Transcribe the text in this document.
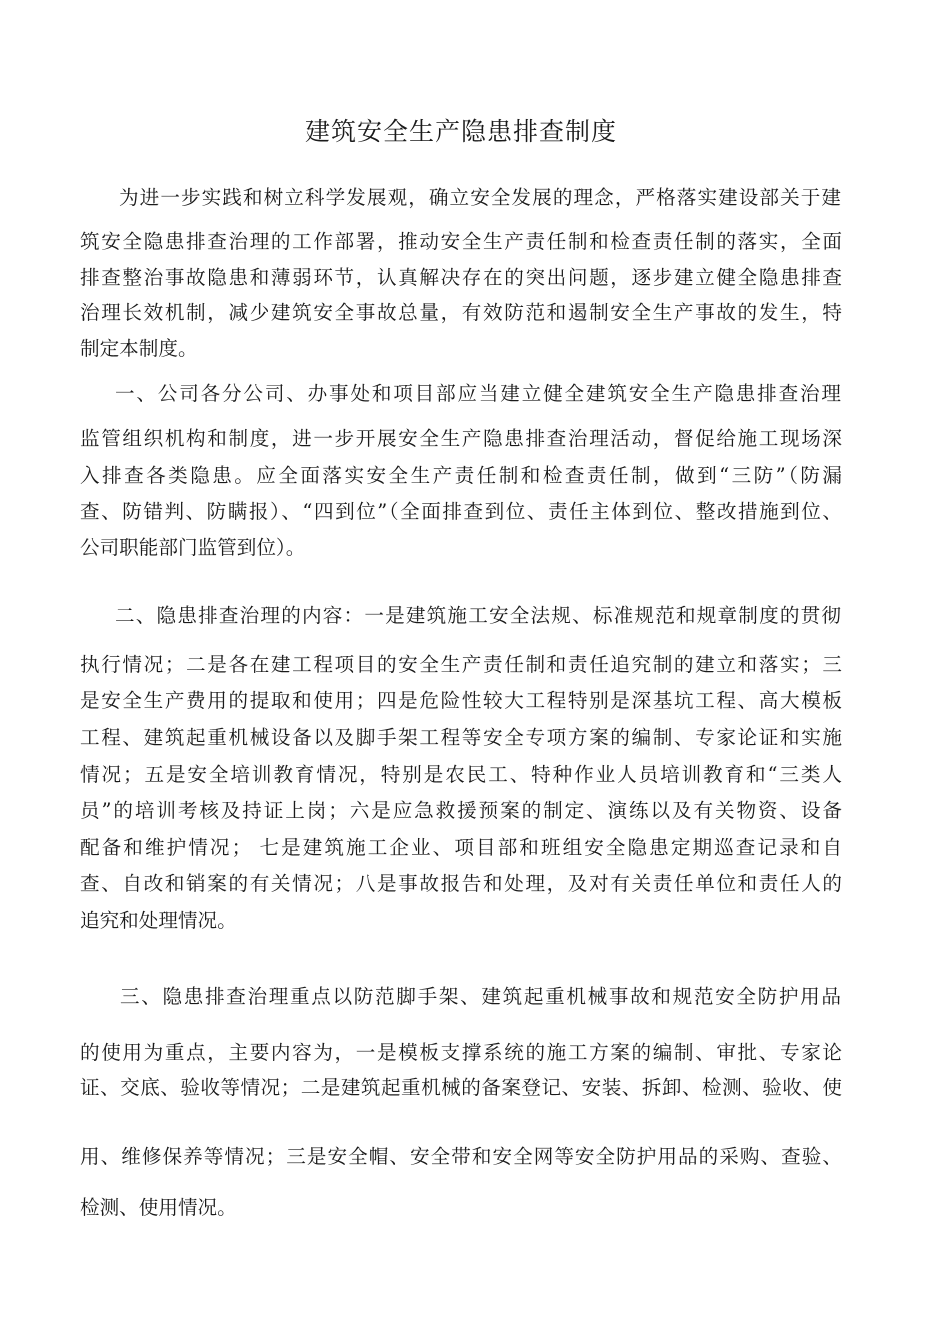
建筑安全生产隐患排查制度
为进一步实践和树立科学发展观，确立安全发展的理念，严格落实建设部关于建
筑安全隐患排查治理的工作部署，推动安全生产责任制和检查责任制的落实，全面
排查整治事故隐患和薄弱环节，认真解决存在的突出问题，逐步建立健全隐患排查
治理长效机制，减少建筑安全事故总量，有效防范和遏制安全生产事故的发生，特
制定本制度。
一、公司各分公司、办事处和项目部应当建立健全建筑安全生产隐患排查治理
监管组织机构和制度，进一步开展安全生产隐患排查治理活动，督促给施工现场深
入排查各类隐患。应全面落实安全生产责任制和检查责任制，做到“三防”（防漏
查、防错判、防瞒报）、“四到位”（全面排查到位、责任主体到位、整改措施到位、
公司职能部门监管到位）。
二、隐患排查治理的内容：一是建筑施工安全法规、标准规范和规章制度的贯彻
执行情况；二是各在建工程项目的安全生产责任制和责任追究制的建立和落实；三
是安全生产费用的提取和使用；四是危险性较大工程特别是深基坑工程、高大模板
工程、建筑起重机械设备以及脚手架工程等安全专项方案的编制、专家论证和实施
情况；五是安全培训教育情况，特别是农民工、特种作业人员培训教育和“三类人
员”的培训考核及持证上岗；六是应急救援预案的制定、演练以及有关物资、设备
配备和维护情况； 七是建筑施工企业、项目部和班组安全隐患定期巡查记录和自
查、自改和销案的有关情况；八是事故报告和处理，及对有关责任单位和责任人的
追究和处理情况。
三、隐患排查治理重点以防范脚手架、建筑起重机械事故和规范安全防护用品
的使用为重点，主要内容为，一是模板支撑系统的施工方案的编制、审批、专家论
证、交底、验收等情况；二是建筑起重机械的备案登记、安装、拆卸、检测、验收、使
用、维修保养等情况；三是安全帽、安全带和安全网等安全防护用品的采购、查验、
检测、使用情况。
